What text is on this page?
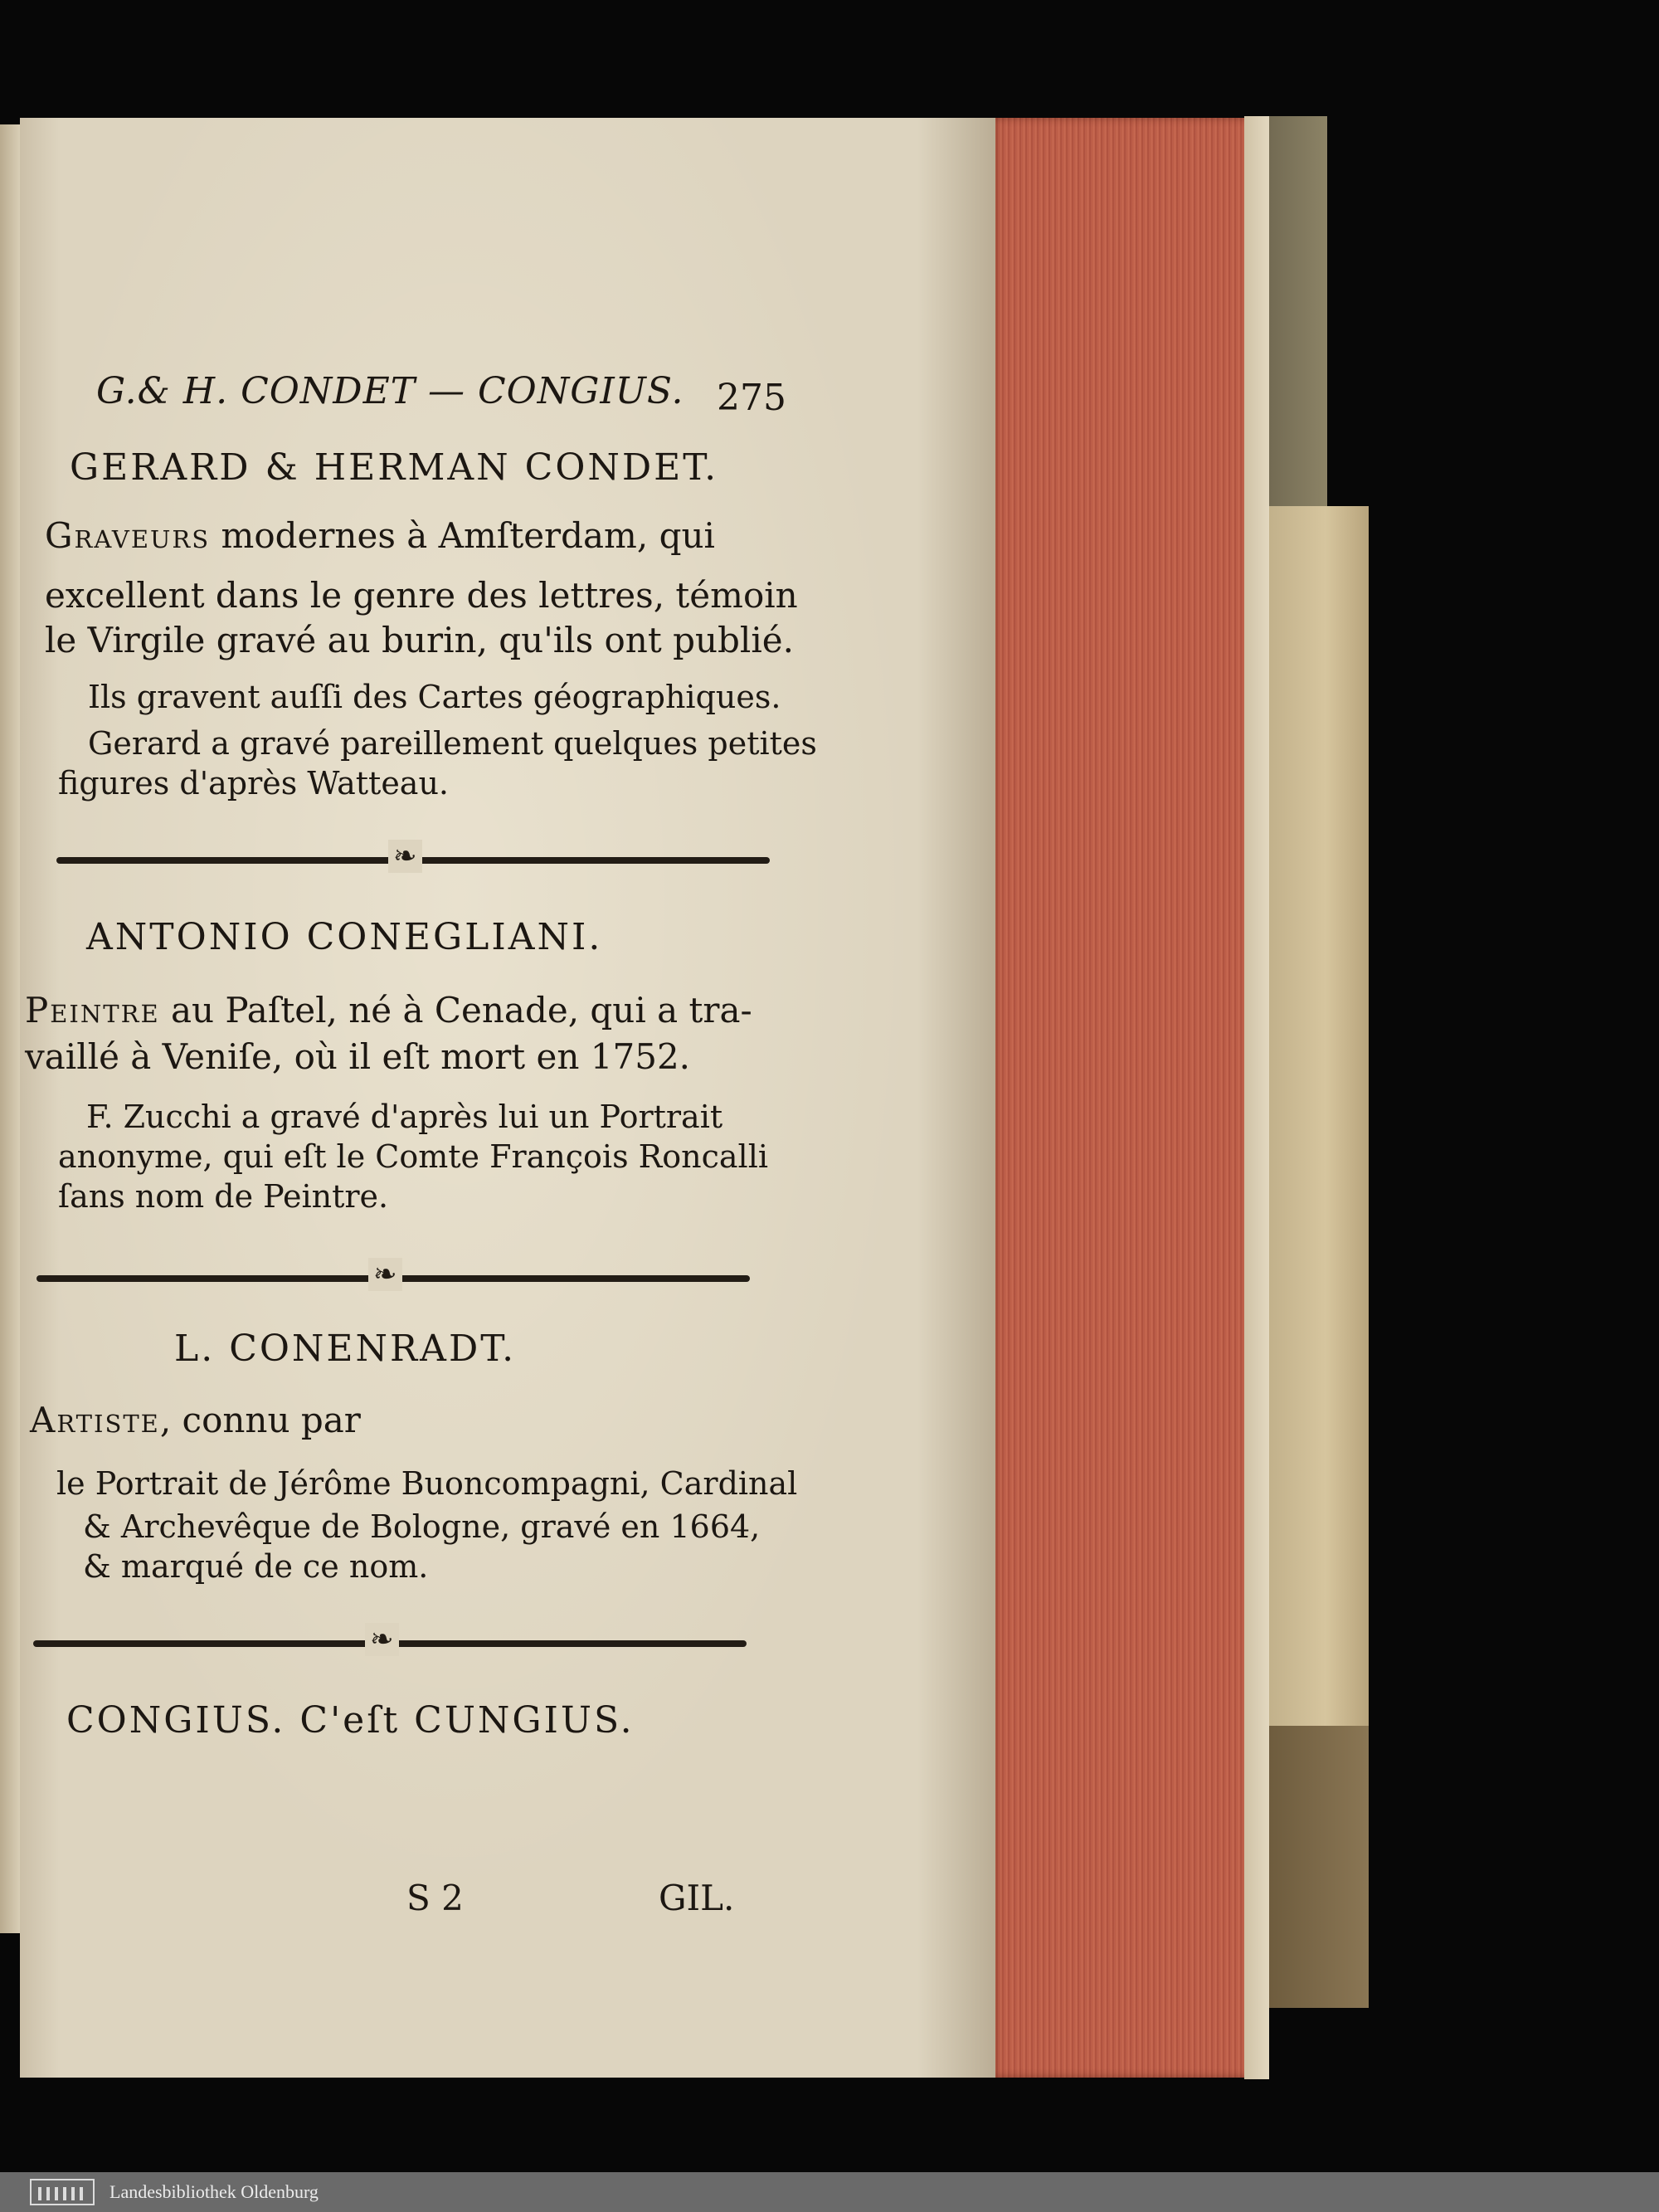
G.& H. CONDET — CONGIUS. 275
GERARD & HERMAN CONDET.
Graveurs modernes à Amſterdam, qui
excellent dans le genre des lettres, témoin
le Virgile gravé au burin, qu'ils ont publié.
Ils gravent auſſi des Cartes géographiques.
Gerard a gravé pareillement quelques petites
figures d'après Watteau.
❧
ANTONIO CONEGLIANI.
Peintre au Paſtel, né à Cenade, qui a tra-
vaillé à Veniſe, où il eſt mort en 1752.
F. Zucchi a gravé d'après lui un Portrait
anonyme, qui eſt le Comte François Roncalli
ſans nom de Peintre.
❧
L. CONENRADT.
Artiste, connu par
le Portrait de Jérôme Buoncompagni, Cardinal
& Archevêque de Bologne, gravé en 1664,
& marqué de ce nom.
❧
CONGIUS. C'eſt CUNGIUS.
S 2	GIL.
Landesbibliothek Oldenburg
